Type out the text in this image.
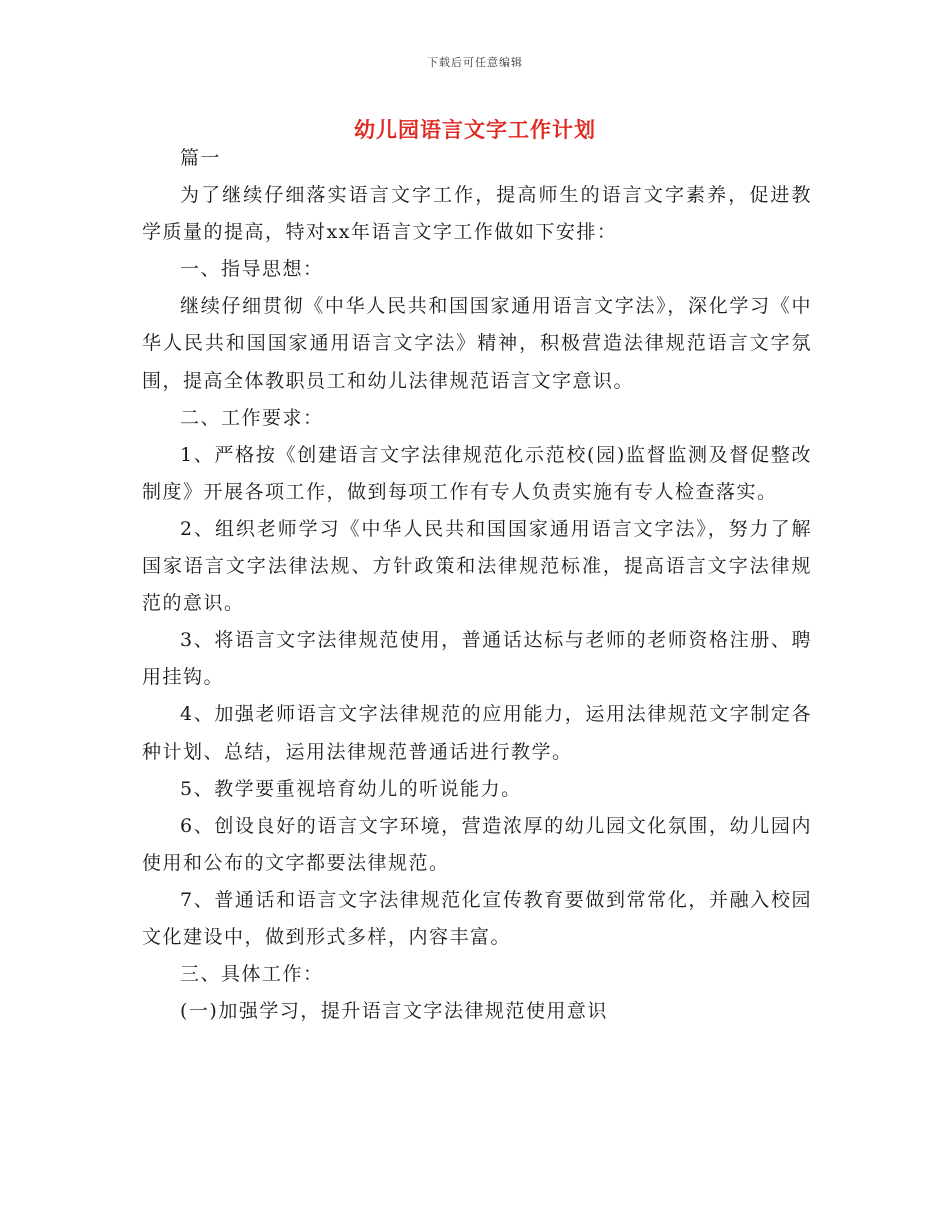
下载后可任意编辑
幼儿园语言文字工作计划

篇一

为了继续仔细落实语言文字工作，提高师生的语言文字素养，促进教学质量的提高，特对xx年语言文字工作做如下安排：

一、指导思想：

继续仔细贯彻《中华人民共和国国家通用语言文字法》，深化学习《中华人民共和国国家通用语言文字法》精神，积极营造法律规范语言文字氛围，提高全体教职员工和幼儿法律规范语言文字意识。

二、工作要求：

1、严格按《创建语言文字法律规范化示范校(园)监督监测及督促整改制度》开展各项工作，做到每项工作有专人负责实施有专人检查落实。

2、组织老师学习《中华人民共和国国家通用语言文字法》，努力了解国家语言文字法律法规、方针政策和法律规范标准，提高语言文字法律规范的意识。

3、将语言文字法律规范使用，普通话达标与老师的老师资格注册、聘用挂钩。

4、加强老师语言文字法律规范的应用能力，运用法律规范文字制定各种计划、总结，运用法律规范普通话进行教学。

5、教学要重视培育幼儿的听说能力。

6、创设良好的语言文字环境，营造浓厚的幼儿园文化氛围，幼儿园内使用和公布的文字都要法律规范。

7、普通话和语言文字法律规范化宣传教育要做到常常化，并融入校园文化建设中，做到形式多样，内容丰富。

三、具体工作：

(一)加强学习，提升语言文字法律规范使用意识
